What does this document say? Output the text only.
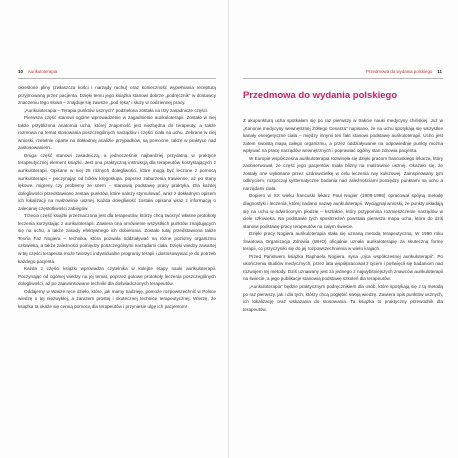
10 Aurikuloterapia

określone pliny (zwłaszcza kości i narządy ruchu) oraz konieczność wypełniania recepturą przyjmowaną przez pacjenta. Dzięki temu jego książka stanowi dobrze „podręcznik” w dostawcy znaczeniu tego słowa – znajduje się zawsze „pod ręką” i służy w codziennej pracy.

„Aurikuloterapia – Terapia punktów usznych” podzielona została na trzy zasadnicze części.

Pierwsza część stanowi ogólne wprowadzenie w zagadnienie aurikuloterapii. Zostało w niej także przybliżona anatomia ucha, której znajomość jest niezbędna do terapeuty, a także rozmowa na temat stosowania poszczególnych narządów i części ciała na uchu. Zebrane w niej wnioski, rzetelnie oparte na dokładnej analizie przypadków, są pomocne, także w praktyce nad zastosowaniem...

Druga część stanowi zasadniczą, a jednocześnie najbardziej przydatną w praktyce terapeutycznej element książki. Jest ona praktyczną instrukcją dla terapeutów korzystających z aurikuloterapii. Opisane w niej 25 różnych dolegliwości, które mogą być leczone z pomocą aurikuloterapii – poczynając od bólów kręgosłupa, poprzez zaburzenia trawienne, aż po stany lękowe, migreny czy problemy ze snem – stanowią podstawę pracy praktyka. Dla każdej dolegliwości przedstawiono zestaw punktów, które należy stymulować, wraz z dokładnym opisem ich lokalizacji na małżowinie usznej. Każda dolegliwość została opisana wraz z informacją o zalecanej częstotliwości zabiegów.

Trzecia część książki przeznaczona jest dla terapeutów, którzy chcą tworzyć własne protokoły leczenia korzystając z aurikuloterapii. Zawiera ona omówienie wszystkich punktów znajdujących się na uchu, a także zasady efektywnego ich dobierania. Zostało tutaj przedstawiona także Teoria Faz Nogiera – technika, która pozwala oddziaływać na różne poziomy organizmu człowieka, a także zależności pomiędzy poszczególnymi narządami ciała. Dzięki wiedzy zawartej w tej części terapeuta może tworzyć indywidualne programy terapii i dostosowywać je do potrzeb każdego pacjenta.

Każda z części książki wprowadza czytelnika w kolejne etapy nauki aurikuloterapii. Poczynając od ogólnej wiedzy na jej temat, poprzez gotowe protokoły leczenia poszczególnych dolegliwości, aż po zaawansowane techniki dla doświadczonych terapeutów.

Oddajemy w Wasze ręce dzieło, które, jak mamy nadzieję, pomoże rozpowszechnić w Polsce wiedzę o tej niezwykłej, a zarazem prostej i skutecznej technice terapeutycznej. Wierzę, że książka ta okaże się cenną pomocą dla terapeutów i przyniesie ulgę ich pacjentom!

Przedmowa do wydania polskiego 11
Przedmowa do wydania polskiego

Z akupunkturą ucha spotkałam się po raz pierwszy w trakcie nauki medycyny chińskiej. Już w „Kanonie medycyny wewnętrznej Żółtego Cesarza” napisano, że na uchu spotykają się wszystkie kanały energetyczne ciała – między innymi ten fakt stanowi podstawę aurikuloterapii. Ucho jest zatem swoistą mapą całego organizmu, a przez oddziaływanie na odpowiednie punkty można wpływać na pracę narządów wewnętrznych i poprawiać ogólny stan zdrowia pacjenta.

W Europie współczesna aurikuloterapia rozwinęła się dzięki pracom francuskiego lekarza, który zaobserwował, że część jego pacjentów miała blizny na małżowinie usznej. Okazało się, że zostały one wykonane przez uzdrowicielkę w celu leczenia rwy kulszowej. Zainspirowany tym odkryciem, rozpoczął systematyczne badania nad zależnościami pomiędzy punktami na uchu a narządami ciała.

Dopiero w XX wieku francuski lekarz Paul Nogier (1908-1996) opracował spójną metodę diagnostyki i leczenia, której nadano nazwę aurikuloterapii. Wyciągnął wnioski, że punkty układają się na uchu w odwróconym płodzie – kształcie, który przypomina rozmieszczenie narządów w ciele człowieka. Na podstawie tych spostrzeżeń powstała pierwsza mapa ucha, która do dziś stanowi podstawę pracy terapeutów na całym świecie.

Dzięki pracy Nogiera aurikuloterapia stała się uznaną metodą terapeutyczną. W 1990 roku Światowa Organizacja Zdrowia (WHO) oficjalnie uznała aurikuloterapię za skuteczną formę terapii, co przyczyniło się do jej rozpowszechnienia w wielu krajach.

Przed Państwem książka Raphaela Nogiera, syna „ojca współczesnej aurikuloterapii”. Po ukończeniu studiów medycznych, przez lata współpracował z ojcem i poświęcił się badaniom nad rozwojem tej metody. Dziś uznawany jest za jednego z najwybitniejszych znawców aurikuloterapii na świecie, a jego publikacje stanowią podstawę szkoleń dla terapeutów.

„Aurikuloterapia” będzie praktycznym podręcznikiem dla osób, które spotykają się z tą metodą po raz pierwszy, jak i dla tych, którzy chcą pogłębić swoją wiedzę. Zawiera opis punktów usznych, ich lokalizację oraz wskazania do stosowania. Ta książka to praktyczny przewodnik dla terapeutów.
